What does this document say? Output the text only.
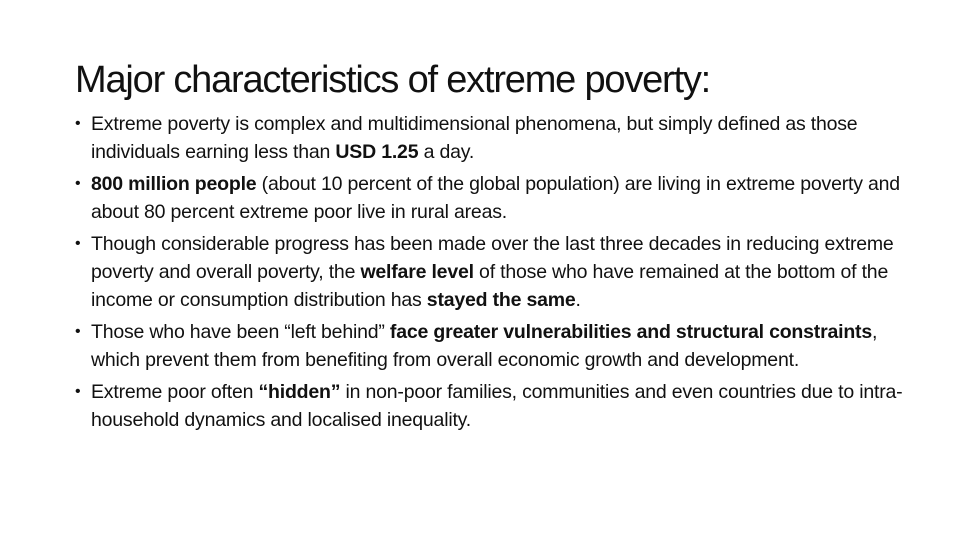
Major characteristics of extreme poverty:
• Extreme poverty is complex and multidimensional phenomena, but simply defined as those individuals earning less than USD 1.25 a day.
• 800 million people (about 10 percent of the global population) are living in extreme poverty and about 80 percent extreme poor live in rural areas.
• Though considerable progress has been made over the last three decades in reducing extreme poverty and overall poverty, the welfare level of those who have remained at the bottom of the income or consumption distribution has stayed the same.
• Those who have been “left behind” face greater vulnerabilities and structural constraints, which prevent them from benefiting from overall economic growth and development.
• Extreme poor often “hidden” in non-poor families, communities and even countries due to intra-household dynamics and localised inequality.
